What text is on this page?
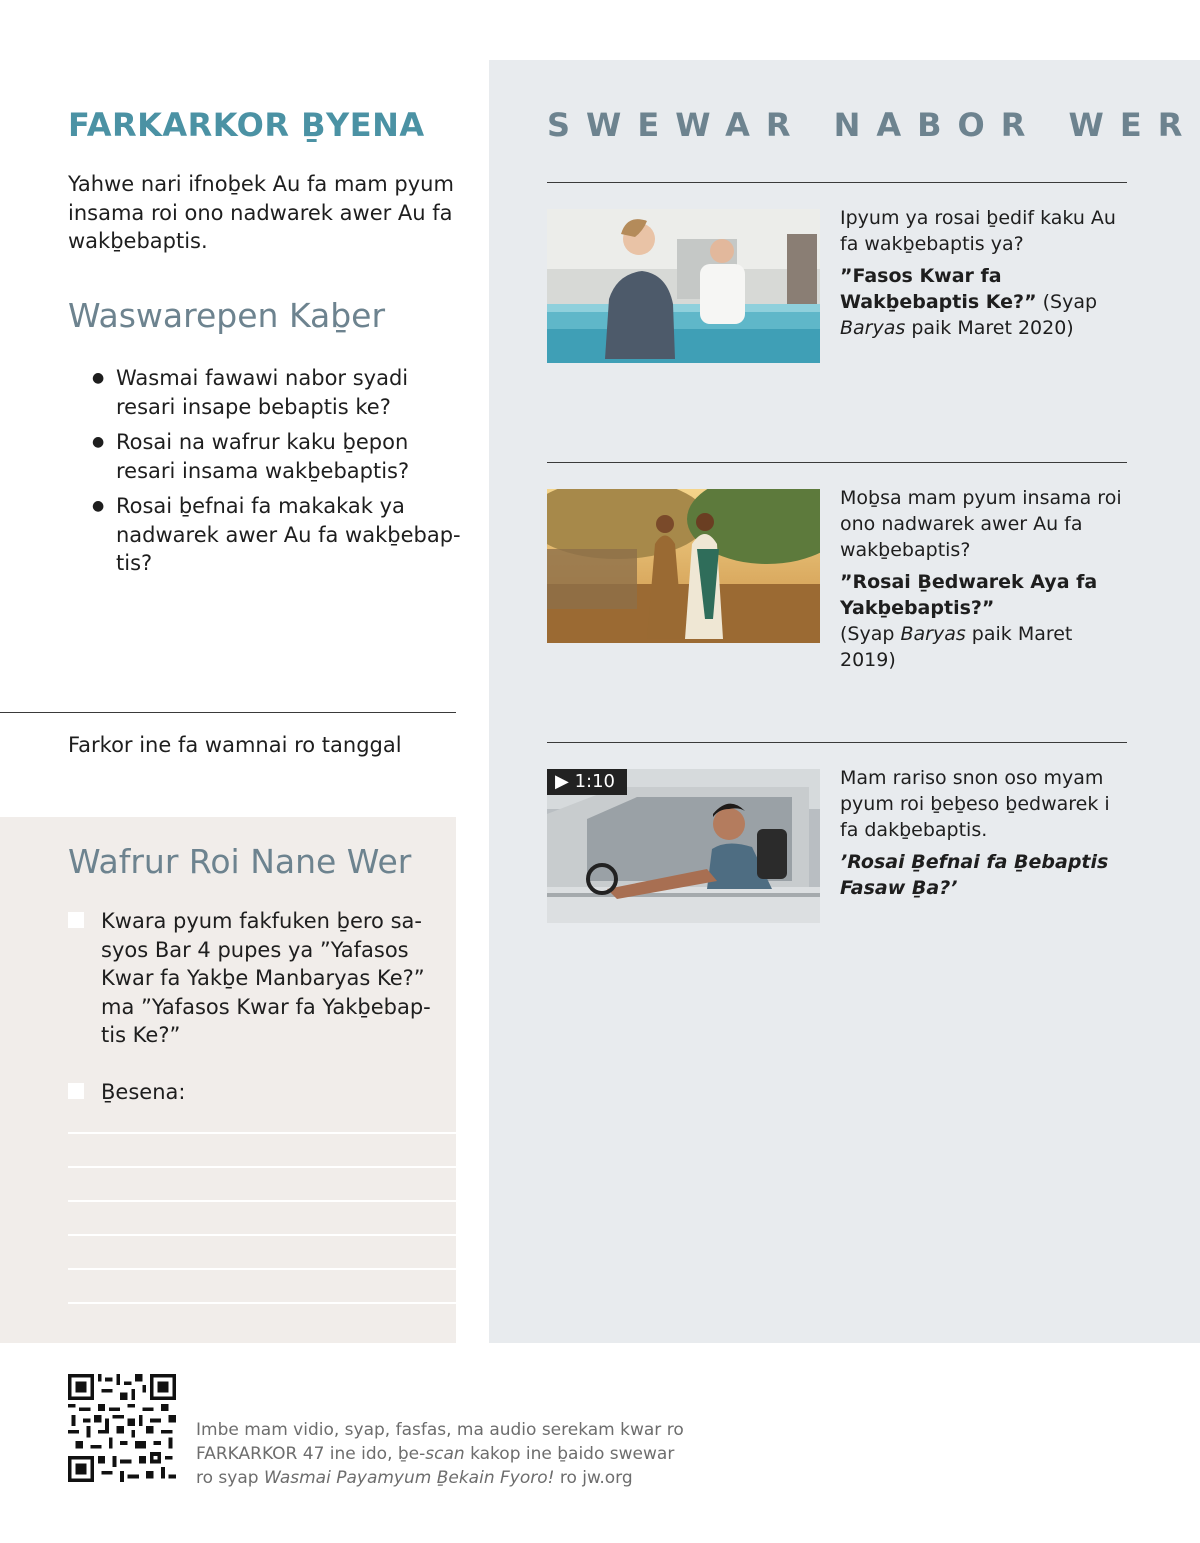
FARKARKOR ḆYENA
Yahwe nari ifnoḇek Au fa mam pyum insama roi ono nadwarek awer Au fa wakḇebaptis.
Waswarepen Kaḇer
● Wasmai fawawi nabor syadi resari insape bebaptis ke?
● Rosai na wafrur kaku ḇepon resari insama wakḇebaptis?
● Rosai ḇefnai fa makakak ya nadwarek awer Au fa wakḇebaptis?
Farkor ine fa wamnai ro tanggal
Wafrur Roi Nane Wer
Kwara pyum fakfuken ḇero sasyos Bar 4 pupes ya ”Yafasos Kwar fa Yakḇe Manbaryas Ke?” ma ”Yafasos Kwar fa Yakḇebaptis Ke?”
Ḇesena:
SWEWAR NABOR WER

Ipyum ya rosai ḇedif kaku Au fa wakḇebaptis ya?

”Fasos Kwar fa Wakḇebaptis Ke?” (Syap Baryas paik Maret 2020)

Moḇsa mam pyum insama roi ono nadwarek awer Au fa wakḇebaptis?

”Rosai Ḇedwarek Aya fa Yakḇebaptis?”
(Syap Baryas paik Maret 2019)

▶ 1:10	Mam rariso snon oso myam pyum roi ḇeḇeso ḇedwarek i fa dakḇebaptis.

’Rosai Ḇefnai fa Ḇebaptis Fasaw Ḇa?’

Imbe mam vidio, syap, fasfas, ma audio serekam kwar ro
FARKARKOR 47 ine ido, ḇe-scan kakop ine ḇaido swewar
ro syap Wasmai Payamyum Ḇekain Fyoro! ro jw.org
